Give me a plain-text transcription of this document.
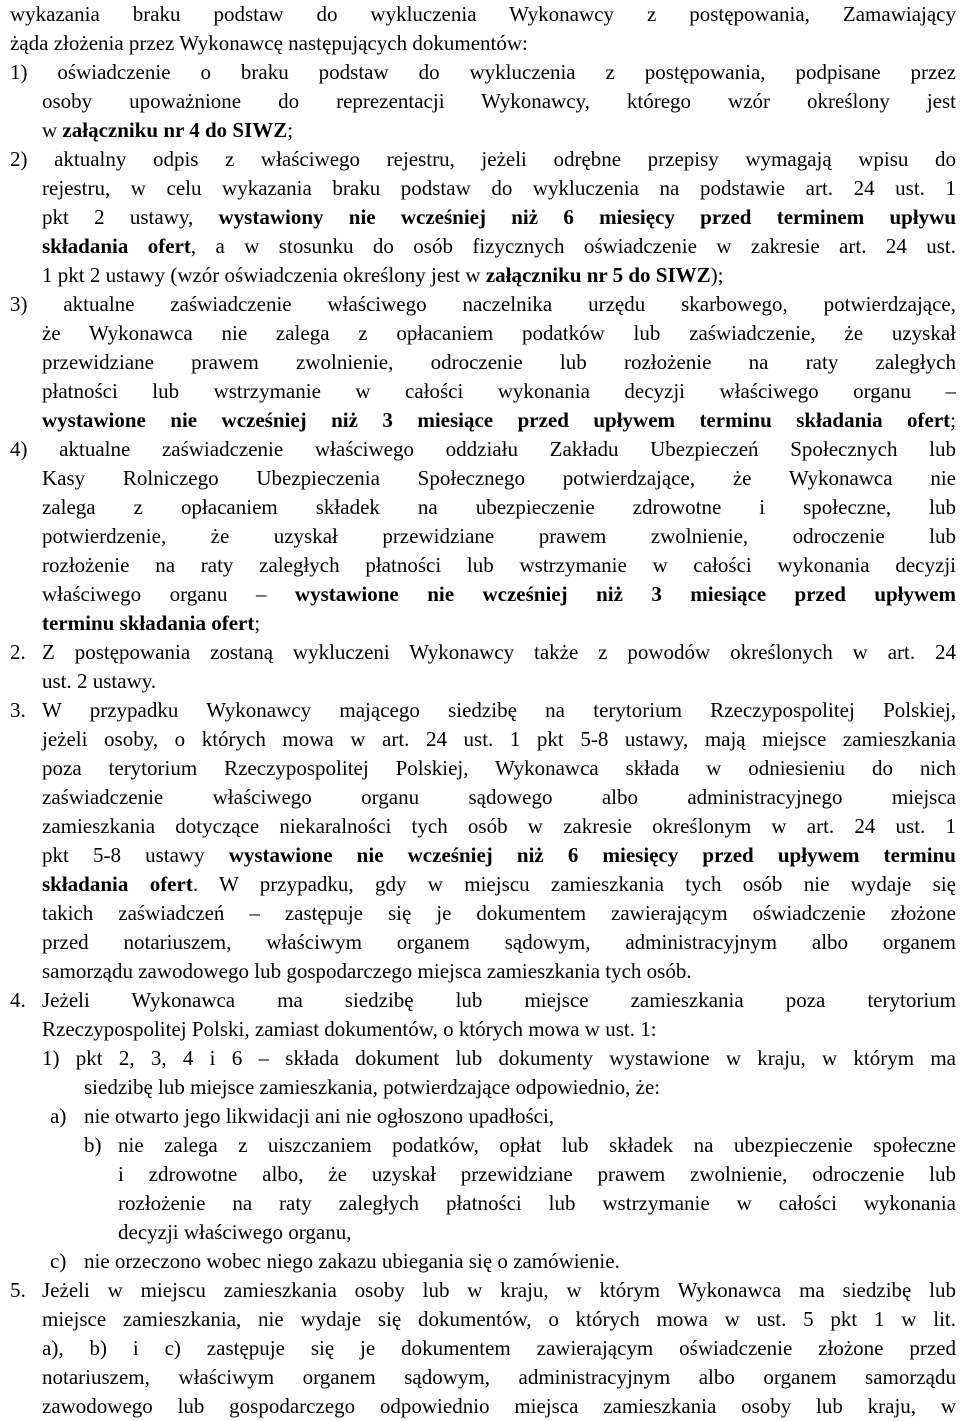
wykazania braku podstaw do wykluczenia Wykonawcy z postępowania, Zamawiający
żąda złożenia przez Wykonawcę następujących dokumentów:
1) oświadczenie o braku podstaw do wykluczenia z postępowania, podpisane przez
osoby upoważnione do reprezentacji Wykonawcy, którego wzór określony jest
w załączniku nr 4 do SIWZ;
2) aktualny odpis z właściwego rejestru, jeżeli odrębne przepisy wymagają wpisu do
rejestru, w celu wykazania braku podstaw do wykluczenia na podstawie art. 24 ust. 1
pkt 2 ustawy, wystawiony nie wcześniej niż 6 miesięcy przed terminem upływu
składania ofert, a w stosunku do osób fizycznych oświadczenie w zakresie art. 24 ust.
1 pkt 2 ustawy (wzór oświadczenia określony jest w załączniku nr 5 do SIWZ);
3) aktualne zaświadczenie właściwego naczelnika urzędu skarbowego, potwierdzające,
że Wykonawca nie zalega z opłacaniem podatków lub zaświadczenie, że uzyskał
przewidziane prawem zwolnienie, odroczenie lub rozłożenie na raty zaległych
płatności lub wstrzymanie w całości wykonania decyzji właściwego organu –
wystawione nie wcześniej niż 3 miesiące przed upływem terminu składania ofert;
4) aktualne zaświadczenie właściwego oddziału Zakładu Ubezpieczeń Społecznych lub
Kasy Rolniczego Ubezpieczenia Społecznego potwierdzające, że Wykonawca nie
zalega z opłacaniem składek na ubezpieczenie zdrowotne i społeczne, lub
potwierdzenie, że uzyskał przewidziane prawem zwolnienie, odroczenie lub
rozłożenie na raty zaległych płatności lub wstrzymanie w całości wykonania decyzji
właściwego organu – wystawione nie wcześniej niż 3 miesiące przed upływem
terminu składania ofert;
2. Z postępowania zostaną wykluczeni Wykonawcy także z powodów określonych w art. 24
ust. 2 ustawy.
3. W przypadku Wykonawcy mającego siedzibę na terytorium Rzeczypospolitej Polskiej,
jeżeli osoby, o których mowa w art. 24 ust. 1 pkt 5-8 ustawy, mają miejsce zamieszkania
poza terytorium Rzeczypospolitej Polskiej, Wykonawca składa w odniesieniu do nich
zaświadczenie właściwego organu sądowego albo administracyjnego miejsca
zamieszkania dotyczące niekaralności tych osób w zakresie określonym w art. 24 ust. 1
pkt 5-8 ustawy wystawione nie wcześniej niż 6 miesięcy przed upływem terminu
składania ofert. W przypadku, gdy w miejscu zamieszkania tych osób nie wydaje się
takich zaświadczeń – zastępuje się je dokumentem zawierającym oświadczenie złożone
przed notariuszem, właściwym organem sądowym, administracyjnym albo organem
samorządu zawodowego lub gospodarczego miejsca zamieszkania tych osób.
4. Jeżeli Wykonawca ma siedzibę lub miejsce zamieszkania poza terytorium
Rzeczypospolitej Polski, zamiast dokumentów, o których mowa w ust. 1:
1) pkt 2, 3, 4 i 6 – składa dokument lub dokumenty wystawione w kraju, w którym ma
siedzibę lub miejsce zamieszkania, potwierdzające odpowiednio, że:
a) nie otwarto jego likwidacji ani nie ogłoszono upadłości,
b) nie zalega z uiszczaniem podatków, opłat lub składek na ubezpieczenie społeczne
i zdrowotne albo, że uzyskał przewidziane prawem zwolnienie, odroczenie lub
rozłożenie na raty zaległych płatności lub wstrzymanie w całości wykonania
decyzji właściwego organu,
c) nie orzeczono wobec niego zakazu ubiegania się o zamówienie.
5. Jeżeli w miejscu zamieszkania osoby lub w kraju, w którym Wykonawca ma siedzibę lub
miejsce zamieszkania, nie wydaje się dokumentów, o których mowa w ust. 5 pkt 1 w lit.
a), b) i c) zastępuje się je dokumentem zawierającym oświadczenie złożone przed
notariuszem, właściwym organem sądowym, administracyjnym albo organem samorządu
zawodowego lub gospodarczego odpowiednio miejsca zamieszkania osoby lub kraju, w
